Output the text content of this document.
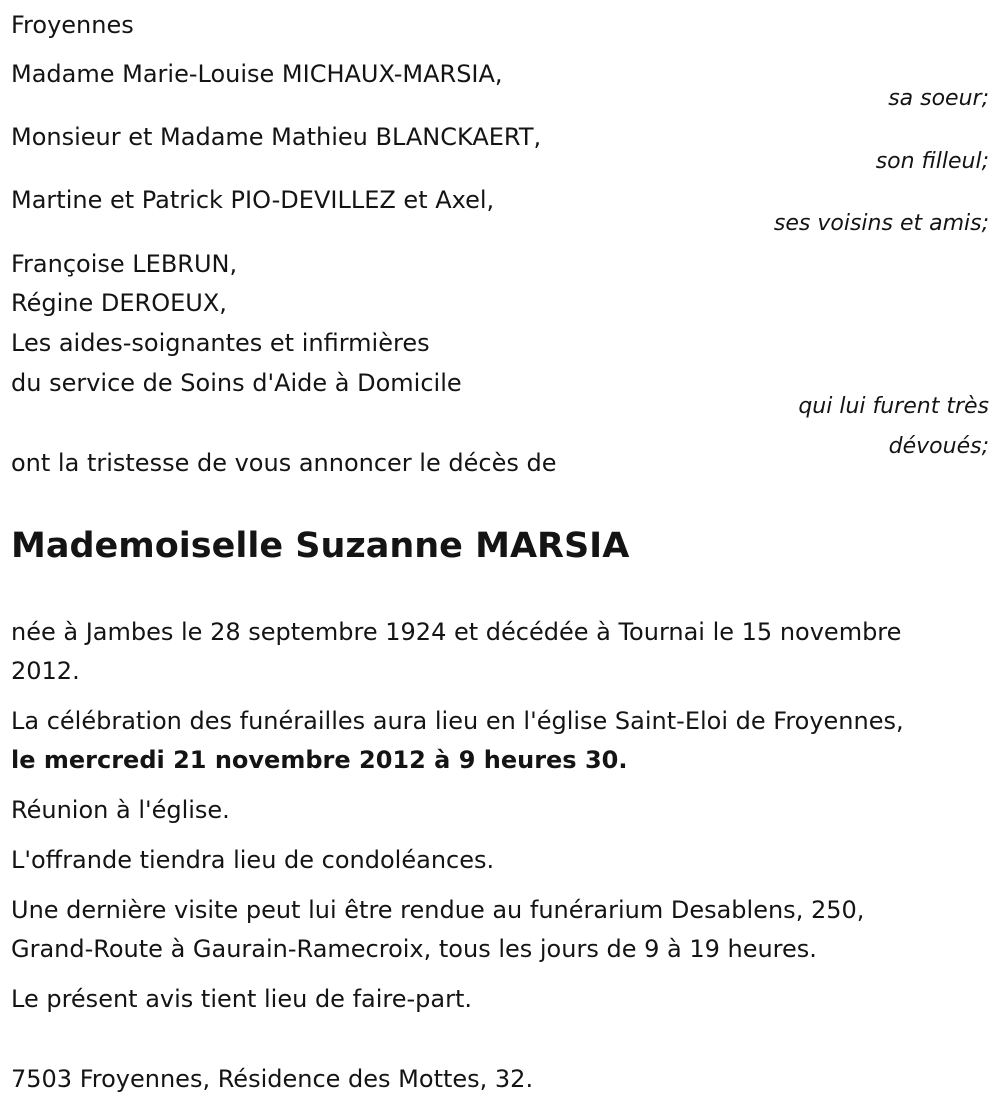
Froyennes
Madame Marie-Louise MICHAUX-MARSIA,
sa soeur;
Monsieur et Madame Mathieu BLANCKAERT,
son filleul;
Martine et Patrick PIO-DEVILLEZ et Axel,
ses voisins et amis;
Françoise LEBRUN,
Régine DEROEUX,
Les aides-soignantes et infirmières
du service de Soins d'Aide à Domicile
qui lui furent très
dévoués;
ont la tristesse de vous annoncer le décès de
Mademoiselle Suzanne MARSIA
née à Jambes le 28 septembre 1924 et décédée à Tournai le 15 novembre
2012.
La célébration des funérailles aura lieu en l'église Saint-Eloi de Froyennes,
le mercredi 21 novembre 2012 à 9 heures 30.
Réunion à l'église.
L'offrande tiendra lieu de condoléances.
Une dernière visite peut lui être rendue au funérarium Desablens, 250,
Grand-Route à Gaurain-Ramecroix, tous les jours de 9 à 19 heures.
Le présent avis tient lieu de faire-part.
7503 Froyennes, Résidence des Mottes, 32.
